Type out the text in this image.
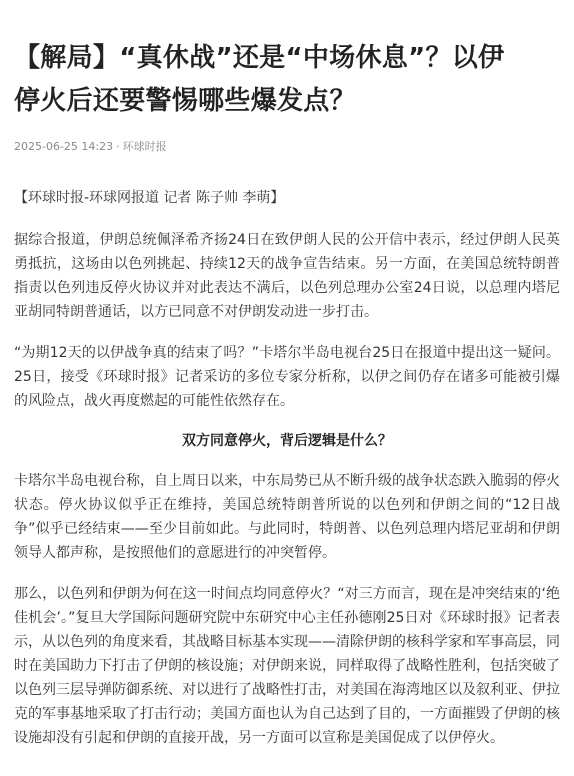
【解局】“真休战”还是“中场休息”？以伊
停火后还要警惕哪些爆发点？
2025-06-25 14:23 · 环球时报
【环球时报-环球网报道 记者 陈子帅 李萌】

据综合报道，伊朗总统佩泽希齐扬24日在致伊朗人民的公开信中表示，经过伊朗人民英勇抵抗，这场由以色列挑起、持续12天的战争宣告结束。另一方面，在美国总统特朗普指责以色列违反停火协议并对此表达不满后，以色列总理办公室24日说，以总理内塔尼亚胡同特朗普通话，以方已同意不对伊朗发动进一步打击。

“为期12天的以伊战争真的结束了吗？”卡塔尔半岛电视台25日在报道中提出这一疑问。25日，接受《环球时报》记者采访的多位专家分析称，以伊之间仍存在诸多可能被引爆的风险点，战火再度燃起的可能性依然存在。

双方同意停火，背后逻辑是什么？

卡塔尔半岛电视台称，自上周日以来，中东局势已从不断升级的战争状态跌入脆弱的停火状态。停火协议似乎正在维持，美国总统特朗普所说的以色列和伊朗之间的“12日战争”似乎已经结束——至少目前如此。与此同时，特朗普、以色列总理内塔尼亚胡和伊朗领导人都声称，是按照他们的意愿进行的冲突暂停。

那么，以色列和伊朗为何在这一时间点均同意停火？“对三方而言，现在是冲突结束的‘绝佳机会’。”复旦大学国际问题研究院中东研究中心主任孙德刚25日对《环球时报》记者表示，从以色列的角度来看，其战略目标基本实现——清除伊朗的核科学家和军事高层，同时在美国助力下打击了伊朗的核设施；对伊朗来说，同样取得了战略性胜利，包括突破了以色列三层导弹防御系统、对以进行了战略性打击，对美国在海湾地区以及叙利亚、伊拉克的军事基地采取了打击行动；美国方面也认为自己达到了目的，一方面摧毁了伊朗的核设施却没有引起和伊朗的直接开战，另一方面可以宣称是美国促成了以伊停火。
